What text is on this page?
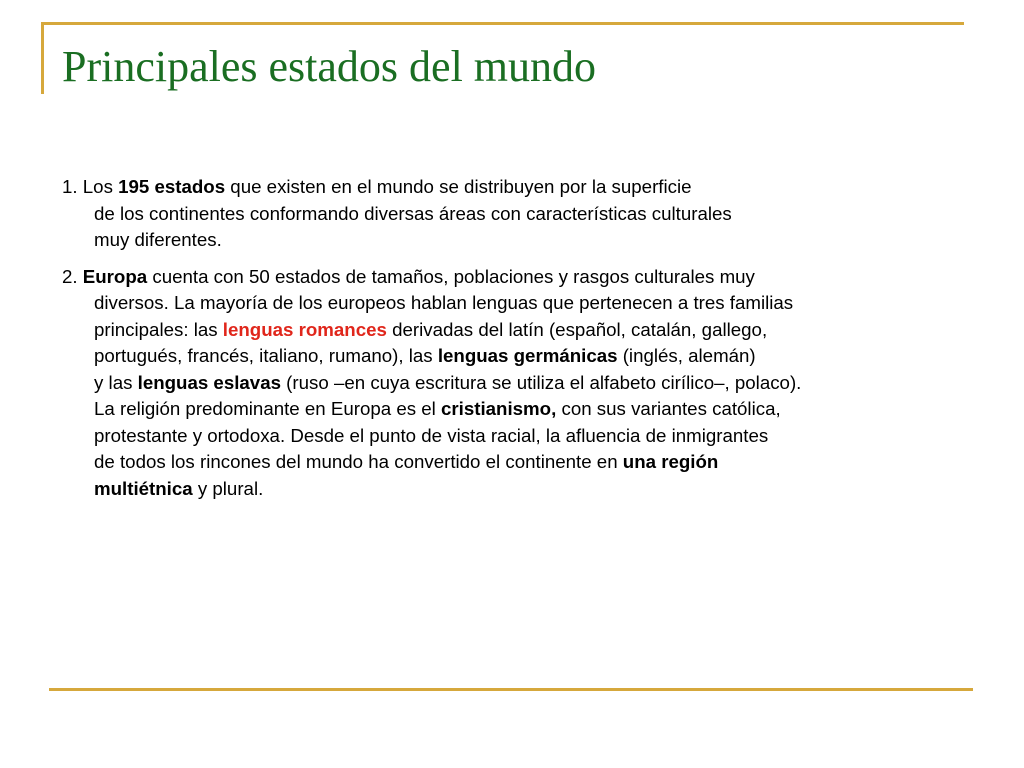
Principales estados del mundo
1. Los 195 estados que existen en el mundo se distribuyen por la superficie
de los continentes conformando diversas áreas con características culturales
muy diferentes.
2. Europa cuenta con 50 estados de tamaños, poblaciones y rasgos culturales muy
diversos. La mayoría de los europeos hablan lenguas que pertenecen a tres familias
principales: las lenguas romances derivadas del latín (español, catalán, gallego,
portugués, francés, italiano, rumano), las lenguas germánicas (inglés, alemán)
y las lenguas eslavas (ruso –en cuya escritura se utiliza el alfabeto cirílico–, polaco).
La religión predominante en Europa es el cristianismo, con sus variantes católica,
protestante y ortodoxa. Desde el punto de vista racial, la afluencia de inmigrantes
de todos los rincones del mundo ha convertido el continente en una región
multiétnica y plural.
